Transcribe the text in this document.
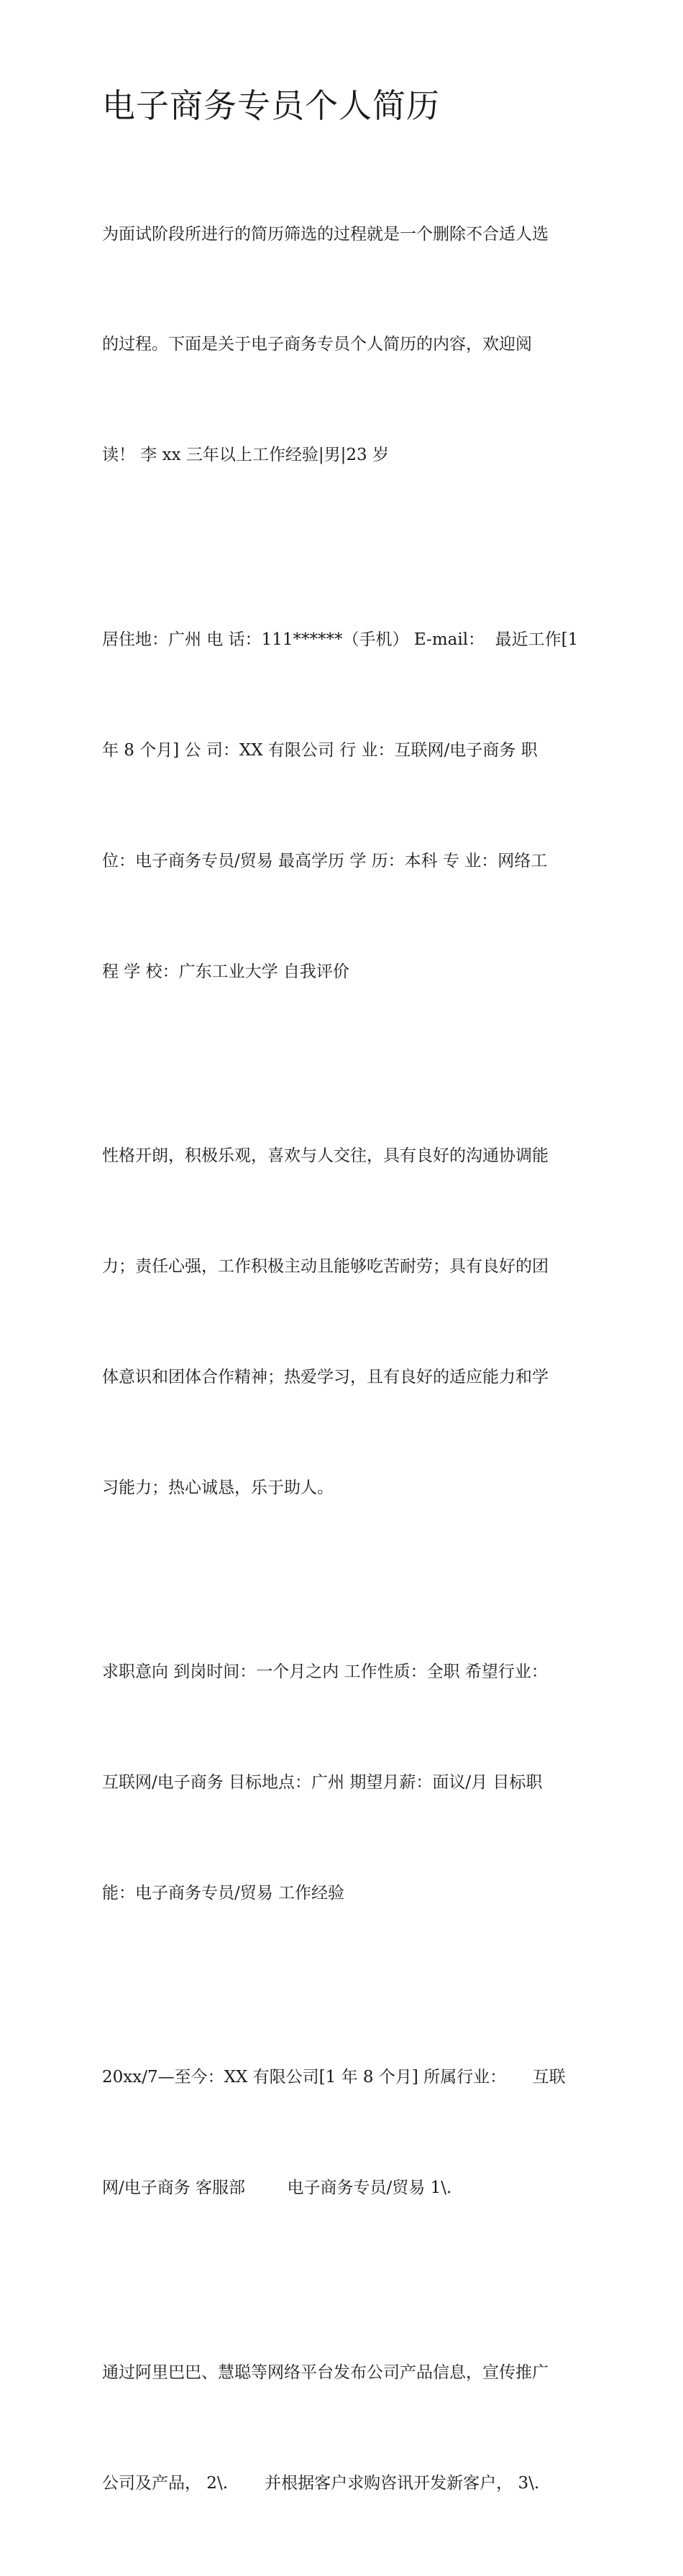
电子商务专员个人简历

为面试阶段所进行的简历筛选的过程就是一个删除不合适人选

的过程。下面是关于电子商务专员个人简历的内容，欢迎阅

读！ 李 xx 三年以上工作经验|男|23 岁

居住地：广州 电 话：111******（手机） E-mail：  最近工作[1

年 8 个月] 公 司：XX 有限公司 行 业：互联网/电子商务 职

位：电子商务专员/贸易 最高学历 学 历：本科 专 业：网络工

程 学 校：广东工业大学 自我评价

性格开朗，积极乐观，喜欢与人交往，具有良好的沟通协调能

力；责任心强，工作积极主动且能够吃苦耐劳；具有良好的团

体意识和团体合作精神；热爱学习，且有良好的适应能力和学

习能力；热心诚恳，乐于助人。

求职意向 到岗时间：一个月之内 工作性质：全职 希望行业：

互联网/电子商务 目标地点：广州 期望月薪：面议/月 目标职

能：电子商务专员/贸易 工作经验

20xx/7—至今：XX 有限公司[1 年 8 个月] 所属行业：     互联

网/电子商务 客服部        电子商务专员/贸易 1\.

通过阿里巴巴、慧聪等网络平台发布公司产品信息，宣传推广

公司及产品， 2\.       并根据客户求购咨讯开发新客户， 3\.
